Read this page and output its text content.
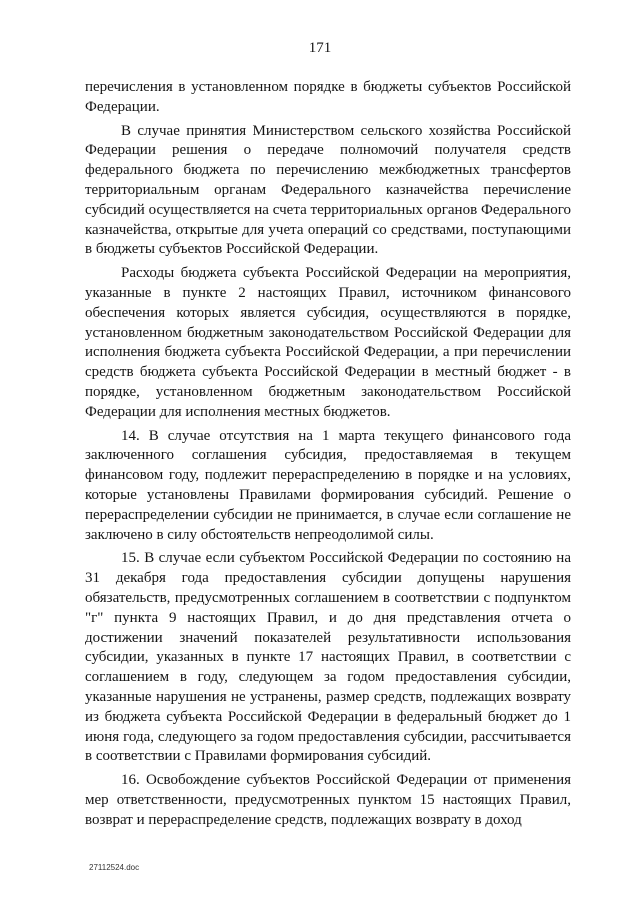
171

перечисления в установленном порядке в бюджеты субъектов Российской Федерации.

В случае принятия Министерством сельского хозяйства Российской Федерации решения о передаче полномочий получателя средств федерального бюджета по перечислению межбюджетных трансфертов территориальным органам Федерального казначейства перечисление субсидий осуществляется на счета территориальных органов Федерального казначейства, открытые для учета операций со средствами, поступающими в бюджеты субъектов Российской Федерации.

Расходы бюджета субъекта Российской Федерации на мероприятия, указанные в пункте 2 настоящих Правил, источником финансового обеспечения которых является субсидия, осуществляются в порядке, установленном бюджетным законодательством Российской Федерации для исполнения бюджета субъекта Российской Федерации, а при перечислении средств бюджета субъекта Российской Федерации в местный бюджет - в порядке, установленном бюджетным законодательством Российской Федерации для исполнения местных бюджетов.

14. В случае отсутствия на 1 марта текущего финансового года заключенного соглашения субсидия, предоставляемая в текущем финансовом году, подлежит перераспределению в порядке и на условиях, которые установлены Правилами формирования субсидий. Решение о перераспределении субсидии не принимается, в случае если соглашение не заключено в силу обстоятельств непреодолимой силы.

15. В случае если субъектом Российской Федерации по состоянию на 31 декабря года предоставления субсидии допущены нарушения обязательств, предусмотренных соглашением в соответствии с подпунктом "г" пункта 9 настоящих Правил, и до дня представления отчета о достижении значений показателей результативности использования субсидии, указанных в пункте 17 настоящих Правил, в соответствии с соглашением в году, следующем за годом предоставления субсидии, указанные нарушения не устранены, размер средств, подлежащих возврату из бюджета субъекта Российской Федерации в федеральный бюджет до 1 июня года, следующего за годом предоставления субсидии, рассчитывается в соответствии с Правилами формирования субсидий.

16. Освобождение субъектов Российской Федерации от применения мер ответственности, предусмотренных пунктом 15 настоящих Правил, возврат и перераспределение средств, подлежащих возврату в доход

27112524.doc
